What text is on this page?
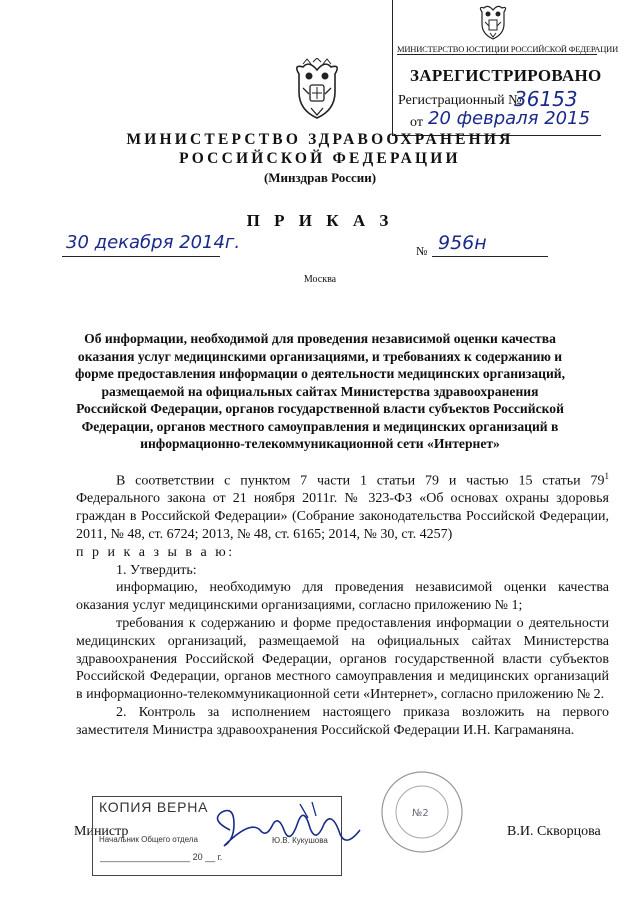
МИНИСТЕРСТВО ЮСТИЦИИ РОССИЙСКОЙ ФЕДЕРАЦИИ
ЗАРЕГИСТРИРОВАНО
Регистрационный №
36153
от 20 февраля 2015
МИНИСТЕРСТВО ЗДРАВООХРАНЕНИЯ
РОССИЙСКОЙ ФЕДЕРАЦИИ
(Минздрав России)
П Р И К А З
30 декабря 2014г.	№ 956н
Москва
Об информации, необходимой для проведения независимой оценки качества оказания услуг медицинскими организациями, и требованиях к содержанию и форме предоставления информации о деятельности медицинских организаций, размещаемой на официальных сайтах Министерства здравоохранения Российской Федерации, органов государственной власти субъектов Российской Федерации, органов местного самоуправления и медицинских организаций в информационно-телекоммуникационной сети «Интернет»

В соответствии с пунктом 7 части 1 статьи 79 и частью 15 статьи $79^1$ Федерального закона от 21 ноября 2011г. № 323-ФЗ «Об основах охраны здоровья граждан в Российской Федерации» (Собрание законодательства Российской Федерации, 2011, № 48, ст. 6724; 2013, № 48, ст. 6165; 2014, № 30, ст. 4257)

п р и к а з ы в а ю:

1. Утвердить:

информацию, необходимую для проведения независимой оценки качества оказания услуг медицинскими организациями, согласно приложению № 1;

требования к содержанию и форме предоставления информации о деятельности медицинских организаций, размещаемой на официальных сайтах Министерства здравоохранения Российской Федерации, органов государственной власти субъектов Российской Федерации, органов местного самоуправления и медицинских организаций в информационно-телекоммуникационной сети «Интернет», согласно приложению № 2.

2. Контроль за исполнением настоящего приказа возложить на первого заместителя Министра здравоохранения Российской Федерации И.Н. Каграманяна.

№2
Министр	В.И. Скворцова
КОПИЯ ВЕРНА
Начальник Общего отдела	Ю.В. Кукушова
__________________ 20 __ г.
